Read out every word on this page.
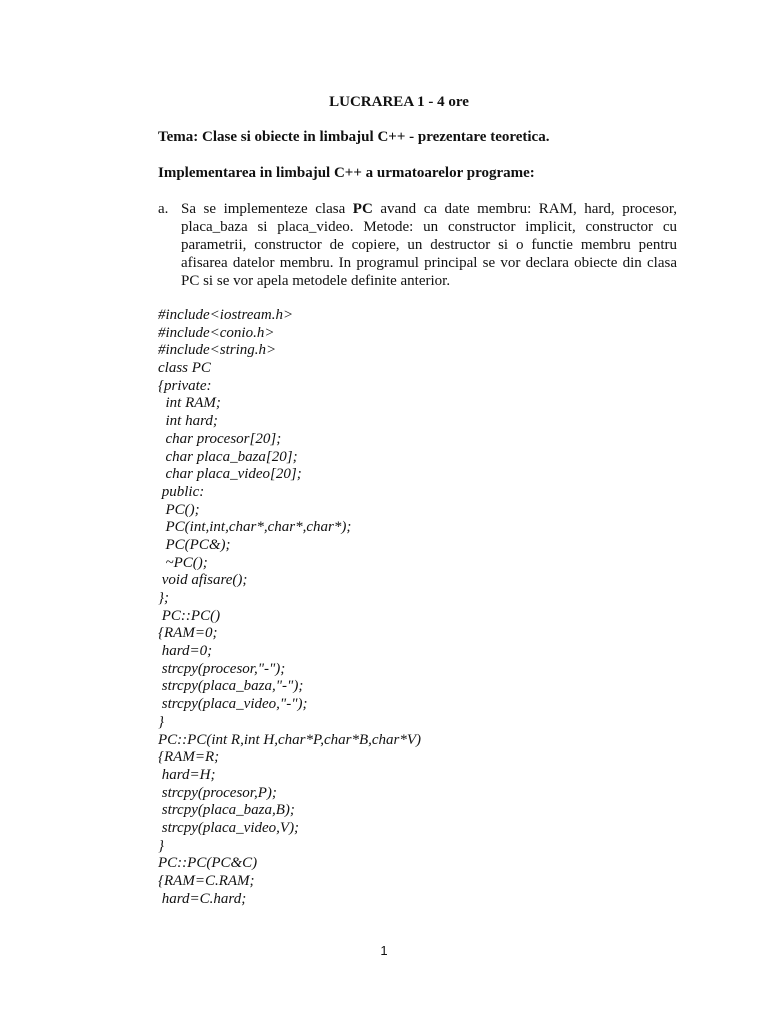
LUCRAREA 1 - 4 ore
Tema: Clase si obiecte in limbajul C++ - prezentare teoretica.
Implementarea in limbajul C++ a urmatoarelor programe:
a. Sa se implementeze clasa PC avand ca date membru: RAM, hard, procesor, placa_baza si placa_video. Metode: un constructor implicit, constructor cu parametrii, constructor de copiere, un destructor si o functie membru pentru afisarea datelor membru. In programul principal se vor declara obiecte din clasa PC si se vor apela metodele definite anterior.
#include<iostream.h>
#include<conio.h>
#include<string.h>
class PC
{private:
int RAM;
int hard;
char procesor[20];
char placa_baza[20];
char placa_video[20];
public:
PC();
PC(int,int,char*,char*,char*);
PC(PC&);
~PC();
void afisare();
};
PC::PC()
{RAM=0;
hard=0;
strcpy(procesor,"-");
strcpy(placa_baza,"-");
strcpy(placa_video,"-");
}
PC::PC(int R,int H,char*P,char*B,char*V)
{RAM=R;
hard=H;
strcpy(procesor,P);
strcpy(placa_baza,B);
strcpy(placa_video,V);
}
PC::PC(PC&C)
{RAM=C.RAM;
hard=C.hard;
1
